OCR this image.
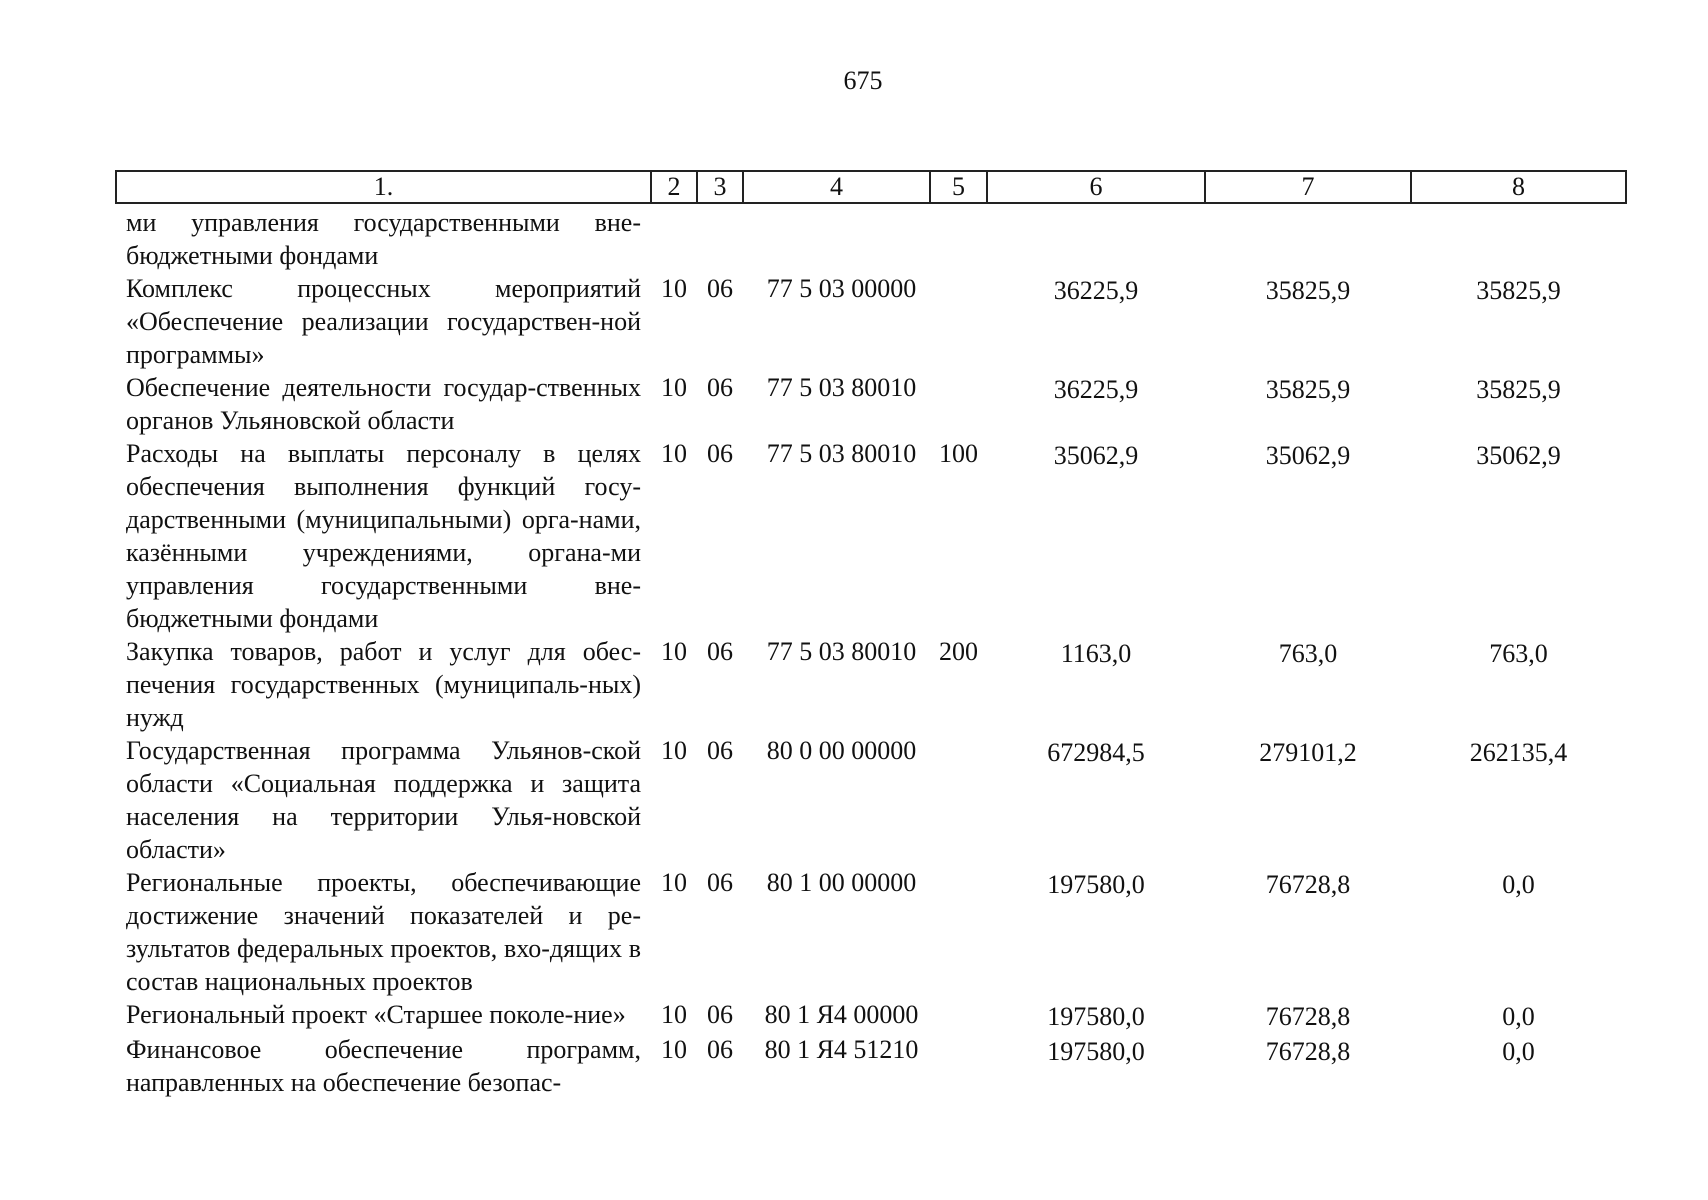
675
1.	2	3	4	5	6	7	8
ми управления государственными вне-бюджетными фондами							
Комплекс процессных мероприятий «Обеспечение реализации государствен-ной программы»	10	06	77 5 03 00000		36225,9	35825,9	35825,9
Обеспечение деятельности государ-ственных органов Ульяновской области	10	06	77 5 03 80010		36225,9	35825,9	35825,9
Расходы на выплаты персоналу в целях обеспечения выполнения функций госу-дарственными (муниципальными) орга-нами, казёнными учреждениями, органа-ми управления государственными вне-бюджетными фондами	10	06	77 5 03 80010	100	35062,9	35062,9	35062,9
Закупка товаров, работ и услуг для обес-печения государственных (муниципаль-ных) нужд	10	06	77 5 03 80010	200	1163,0	763,0	763,0
Государственная программа Ульянов-ской области «Социальная поддержка и защита населения на территории Улья-новской области»	10	06	80 0 00 00000		672984,5	279101,2	262135,4
Региональные проекты, обеспечивающие достижение значений показателей и ре-зультатов федеральных проектов, вхо-дящих в состав национальных проектов	10	06	80 1 00 00000		197580,0	76728,8	0,0
Региональный проект «Старшее поколе-ние»	10	06	80 1 Я4 00000		197580,0	76728,8	0,0
Финансовое обеспечение программ, направленных на обеспечение безопас-	10	06	80 1 Я4 51210		197580,0	76728,8	0,0
